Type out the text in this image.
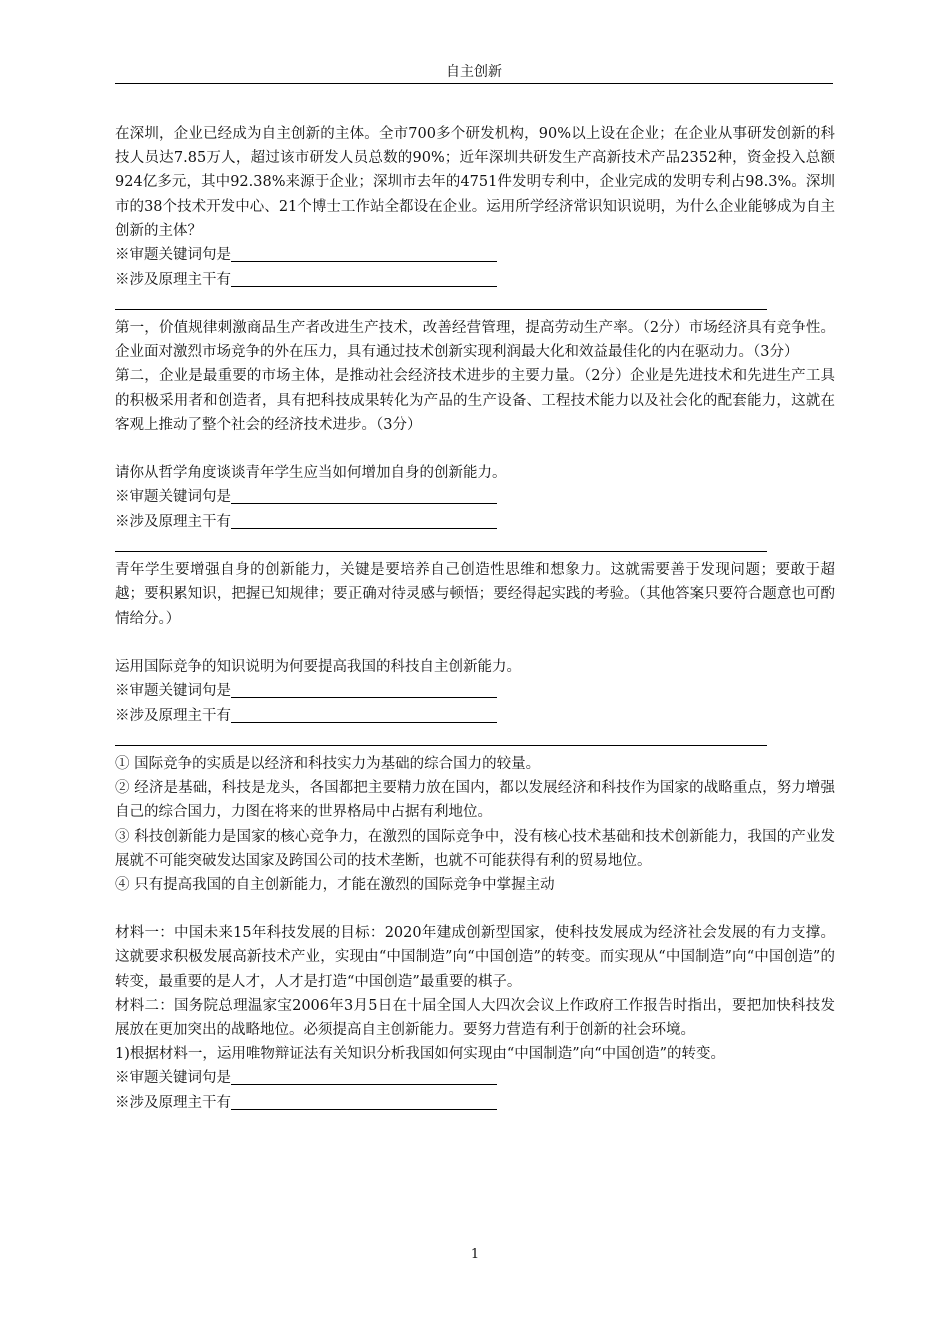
自主创新

在深圳，企业已经成为自主创新的主体。全市700多个研发机构，90%以上设在企业；在企业从事研发创新的科技人员达7.85万人，超过该市研发人员总数的90%；近年深圳共研发生产高新技术产品2352种，资金投入总额924亿多元，其中92.38%来源于企业；深圳市去年的4751件发明专利中，企业完成的发明专利占98.3%。深圳市的38个技术开发中心、21个博士工作站全都设在企业。运用所学经济常识知识说明，为什么企业能够成为自主创新的主体？

※审题关键词句是

※涉及原理主干有

第一，价值规律刺激商品生产者改进生产技术，改善经营管理，提高劳动生产率。（2分）市场经济具有竞争性。企业面对激烈市场竞争的外在压力，具有通过技术创新实现利润最大化和效益最佳化的内在驱动力。（3分）

第二，企业是最重要的市场主体，是推动社会经济技术进步的主要力量。（2分）企业是先进技术和先进生产工具的积极采用者和创造者，具有把科技成果转化为产品的生产设备、工程技术能力以及社会化的配套能力，这就在客观上推动了整个社会的经济技术进步。（3分）

请你从哲学角度谈谈青年学生应当如何增加自身的创新能力。

※审题关键词句是

※涉及原理主干有

青年学生要增强自身的创新能力，关键是要培养自己创造性思维和想象力。这就需要善于发现问题；要敢于超越；要积累知识，把握已知规律；要正确对待灵感与顿悟；要经得起实践的考验。（其他答案只要符合题意也可酌情给分。）

运用国际竞争的知识说明为何要提高我国的科技自主创新能力。

※审题关键词句是

※涉及原理主干有

① 国际竞争的实质是以经济和科技实力为基础的综合国力的较量。

② 经济是基础，科技是龙头，各国都把主要精力放在国内，都以发展经济和科技作为国家的战略重点，努力增强自己的综合国力，力图在将来的世界格局中占据有利地位。

③ 科技创新能力是国家的核心竞争力，在激烈的国际竞争中，没有核心技术基础和技术创新能力，我国的产业发展就不可能突破发达国家及跨国公司的技术垄断，也就不可能获得有利的贸易地位。

④ 只有提高我国的自主创新能力，才能在激烈的国际竞争中掌握主动

材料一：中国未来15年科技发展的目标：2020年建成创新型国家，使科技发展成为经济社会发展的有力支撑。这就要求积极发展高新技术产业，实现由“中国制造”向“中国创造”的转变。而实现从“中国制造”向“中国创造”的转变，最重要的是人才，人才是打造“中国创造”最重要的棋子。

材料二：国务院总理温家宝2006年3月5日在十届全国人大四次会议上作政府工作报告时指出，要把加快科技发展放在更加突出的战略地位。必须提高自主创新能力。要努力营造有利于创新的社会环境。

1)根据材料一，运用唯物辩证法有关知识分析我国如何实现由“中国制造”向“中国创造”的转变。

※审题关键词句是

※涉及原理主干有

1
